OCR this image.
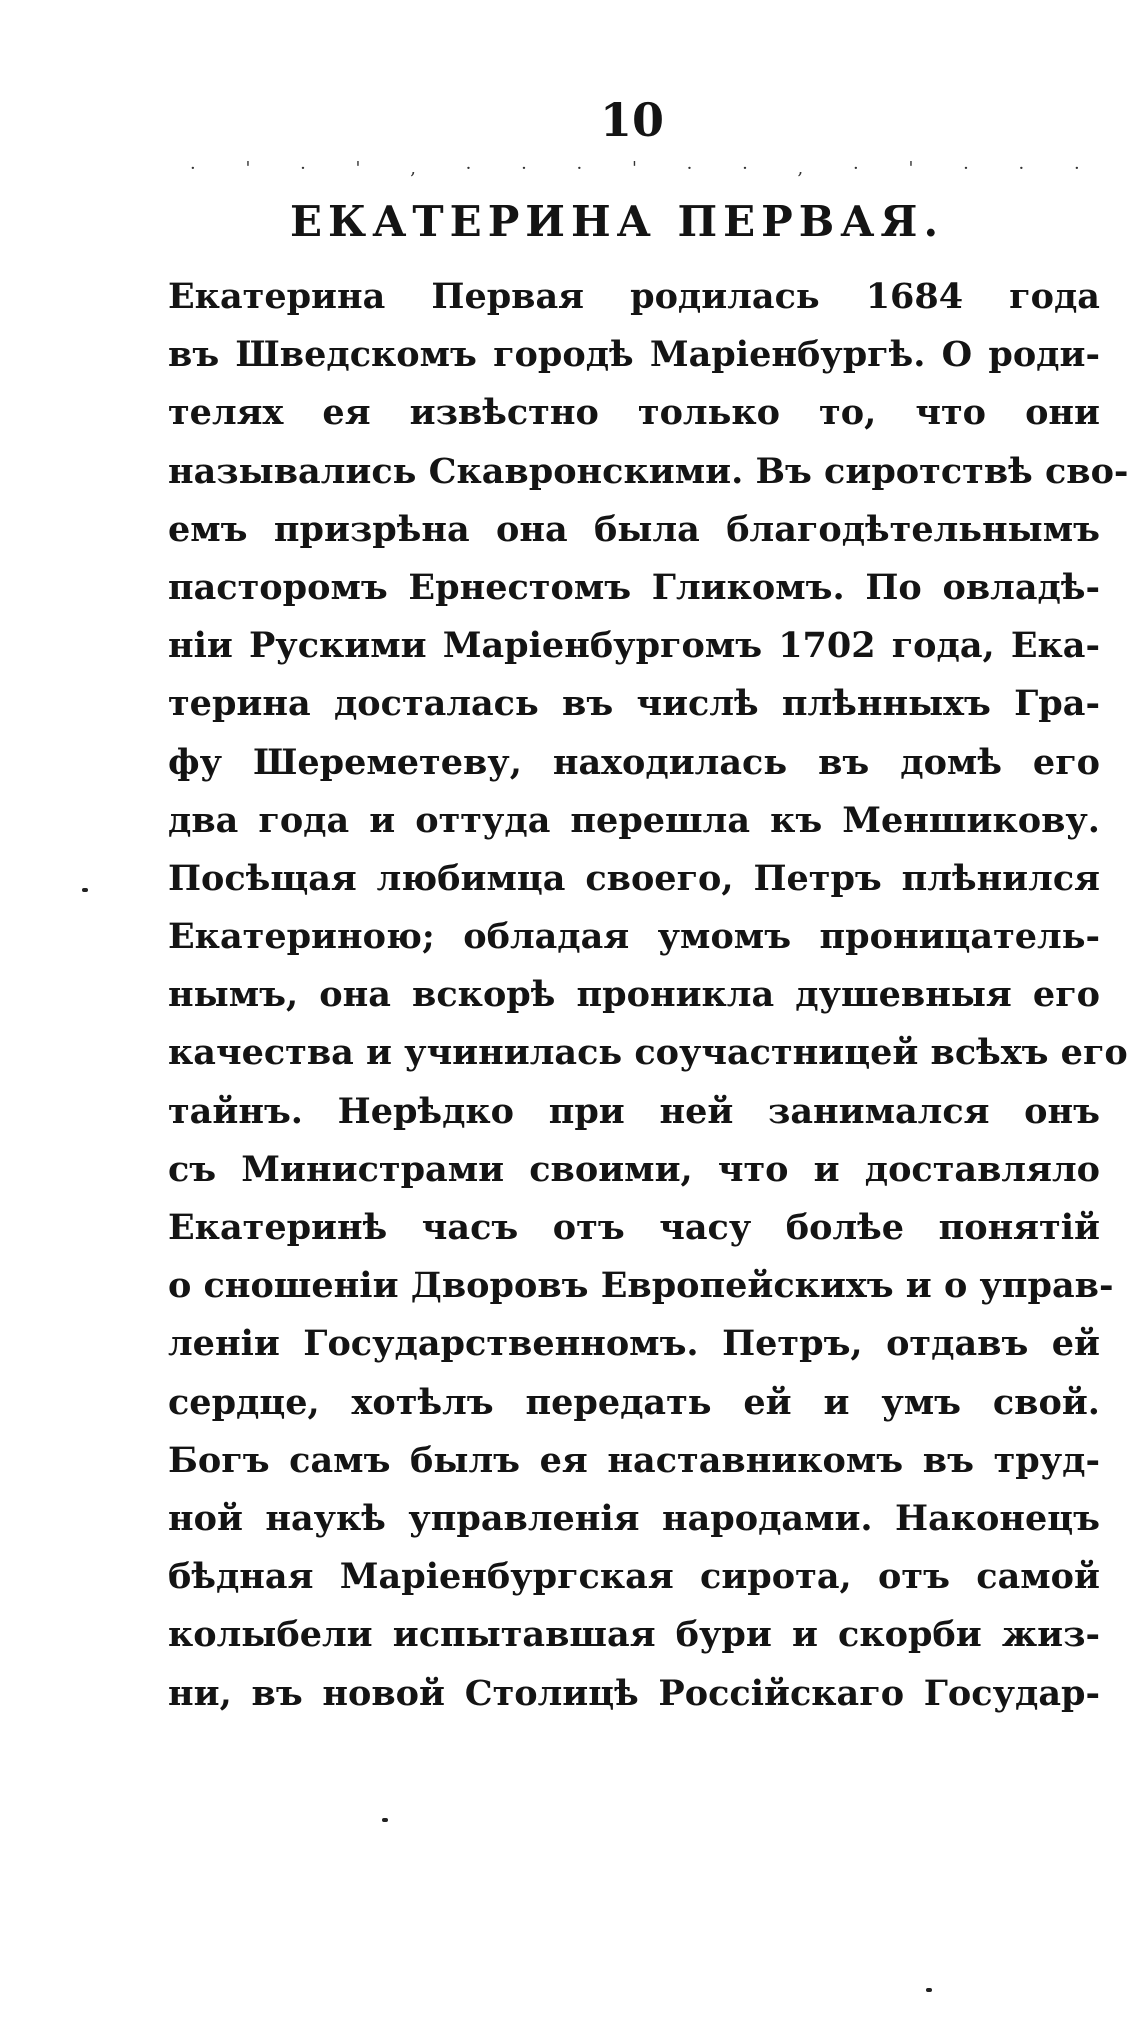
10
· ' · ' , · · · ' · · , · ' · · ·
ЕКАТЕРИНА ПЕРВАЯ.
Екатерина Первая родилась 1684 года
въ Шведскомъ городѣ Маріенбургѣ. О роди-
телях ея извѣстно только то, что они
назывались Скавронскими. Въ сиротствѣ сво-
емъ призрѣна она была благодѣтельнымъ
пасторомъ Ернестомъ Гликомъ. По овладѣ-
ніи Рускими Маріенбургомъ 1702 года, Ека-
терина досталась въ числѣ плѣнныхъ Гра-
фу Шереметеву, находилась въ домѣ его
два года и оттуда перешла къ Меншикову.
Посѣщая любимца своего, Петръ плѣнился
Екатериною; обладая умомъ проницатель-
нымъ, она вскорѣ проникла душевныя его
качества и учинилась соучастницей всѣхъ его
тайнъ. Нерѣдко при ней занимался онъ
съ Министрами своими, что и доставляло
Екатеринѣ часъ отъ часу болѣе понятій
о сношеніи Дворовъ Европейскихъ и о управ-
леніи Государственномъ. Петръ, отдавъ ей
сердце, хотѣлъ передать ей и умъ свой.
Богъ самъ былъ ея наставникомъ въ труд-
ной наукѣ управленія народами. Наконецъ
бѣдная Маріенбургская сирота, отъ самой
колыбели испытавшая бури и скорби жиз-
ни, въ новой Столицѣ Россійскаго Государ-
